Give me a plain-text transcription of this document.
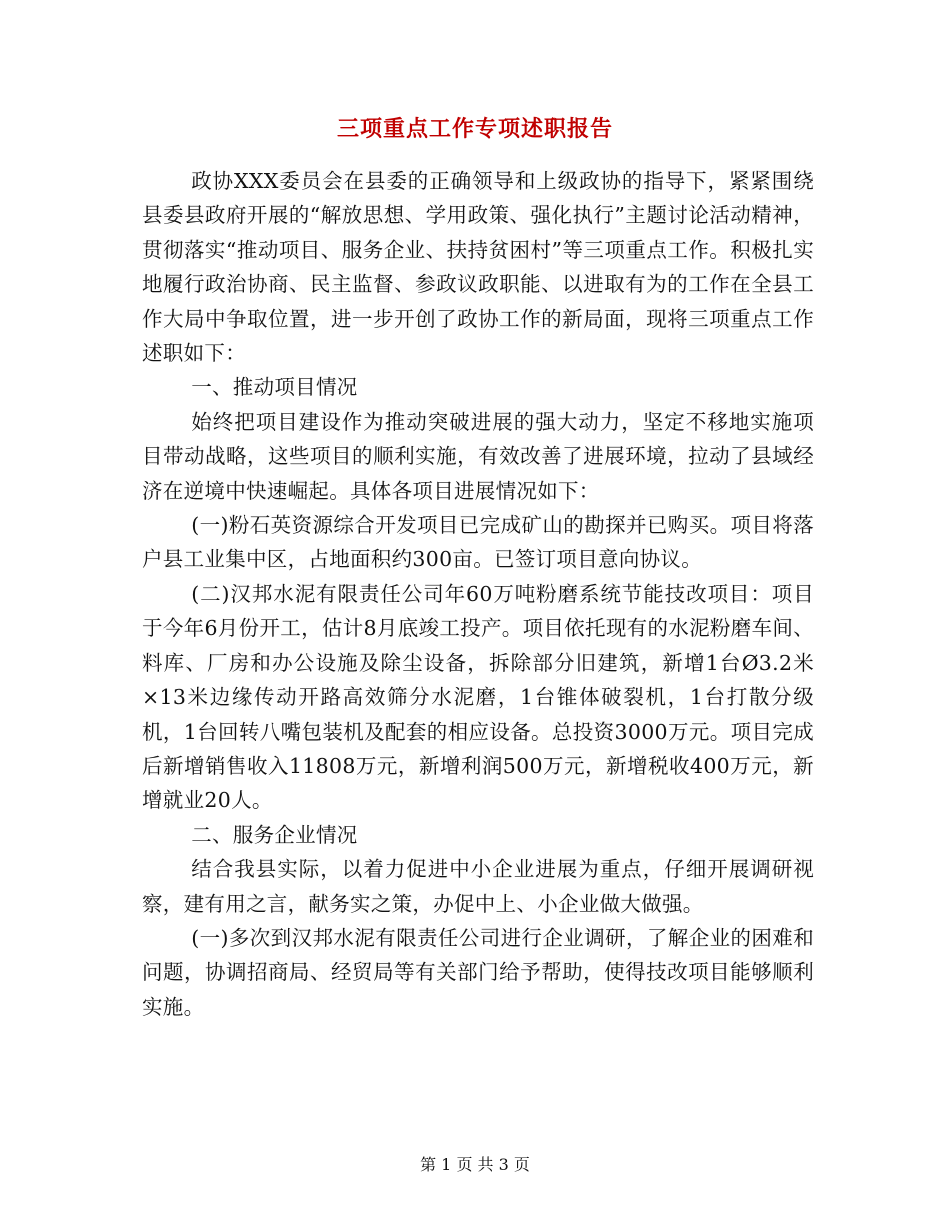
三项重点工作专项述职报告

政协XXX委员会在县委的正确领导和上级政协的指导下，紧紧围绕县委县政府开展的“解放思想、学用政策、强化执行”主题讨论活动精神，贯彻落实“推动项目、服务企业、扶持贫困村”等三项重点工作。积极扎实地履行政治协商、民主监督、参政议政职能、以进取有为的工作在全县工作大局中争取位置，进一步开创了政协工作的新局面，现将三项重点工作述职如下：

一、推动项目情况

始终把项目建设作为推动突破进展的强大动力，坚定不移地实施项目带动战略，这些项目的顺利实施，有效改善了进展环境，拉动了县域经济在逆境中快速崛起。具体各项目进展情况如下：

(一)粉石英资源综合开发项目已完成矿山的勘探并已购买。项目将落户县工业集中区，占地面积约300亩。已签订项目意向协议。

(二)汉邦水泥有限责任公司年60万吨粉磨系统节能技改项目：项目于今年6月份开工，估计8月底竣工投产。项目依托现有的水泥粉磨车间、料库、厂房和办公设施及除尘设备，拆除部分旧建筑，新增1台Ø3.2米×13米边缘传动开路高效筛分水泥磨，1台锥体破裂机，1台打散分级机，1台回转八嘴包装机及配套的相应设备。总投资3000万元。项目完成后新增销售收入11808万元，新增利润500万元，新增税收400万元，新增就业20人。

二、服务企业情况

结合我县实际，以着力促进中小企业进展为重点，仔细开展调研视察，建有用之言，献务实之策，办促中上、小企业做大做强。

(一)多次到汉邦水泥有限责任公司进行企业调研，了解企业的困难和问题，协调招商局、经贸局等有关部门给予帮助，使得技改项目能够顺利实施。

第 1 页 共 3 页
